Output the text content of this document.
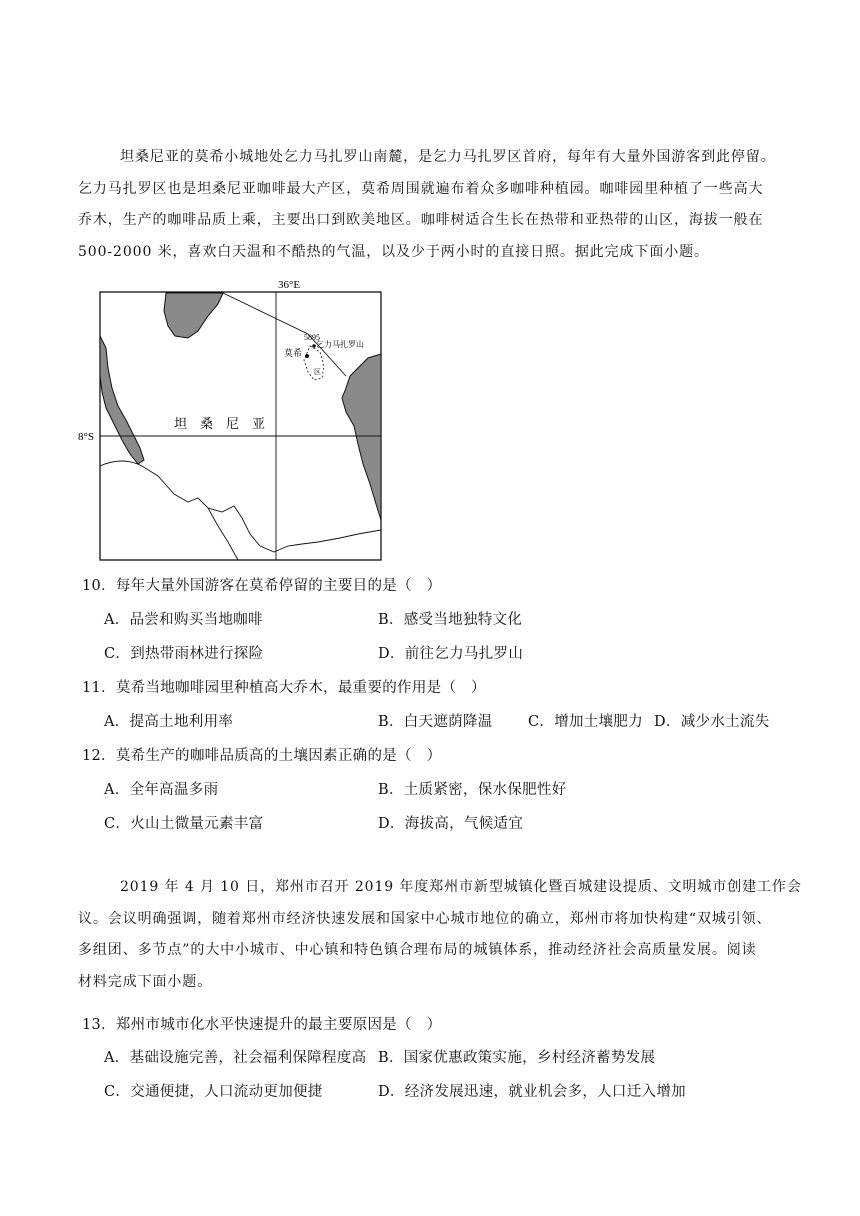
坦桑尼亚的莫希小城地处乞力马扎罗山南麓，是乞力马扎罗区首府，每年有大量外国游客到此停留。
乞力马扎罗区也是坦桑尼亚咖啡最大产区，莫希周围就遍布着众多咖啡种植园。咖啡园里种植了一些高大
乔木，生产的咖啡品质上乘，主要出口到欧美地区。咖啡树适合生长在热带和亚热带的山区，海拔一般在
500-2000 米，喜欢白天温和不酷热的气温，以及少于两小时的直接日照。据此完成下面小题。
36°E
8°S
坦　桑　尼　亚
5895
乞力马扎罗山
莫希
区
10．每年大量外国游客在莫希停留的主要目的是（　）
A．品尝和购买当地咖啡	B．感受当地独特文化
C．到热带雨林进行探险	D．前往乞力马扎罗山
11．莫希当地咖啡园里种植高大乔木，最重要的作用是（　）
A．提高土地利用率	B．白天遮荫降温 C．增加土壤肥力 D．减少水土流失
12．莫希生产的咖啡品质高的土壤因素正确的是（　）
A．全年高温多雨	B．土质紧密，保水保肥性好
C．火山土微量元素丰富	D．海拔高，气候适宜
2019 年 4 月 10 日，郑州市召开 2019 年度郑州市新型城镇化暨百城建设提质、文明城市创建工作会
议。会议明确强调，随着郑州市经济快速发展和国家中心城市地位的确立，郑州市将加快构建“双城引领、
多组团、多节点”的大中小城市、中心镇和特色镇合理布局的城镇体系，推动经济社会高质量发展。阅读
材料完成下面小题。
13．郑州市城市化水平快速提升的最主要原因是（　）
A．基础设施完善，社会福利保障程度高 B．国家优惠政策实施，乡村经济蓄势发展
C．交通便捷，人口流动更加便捷	D．经济发展迅速，就业机会多，人口迁入增加
